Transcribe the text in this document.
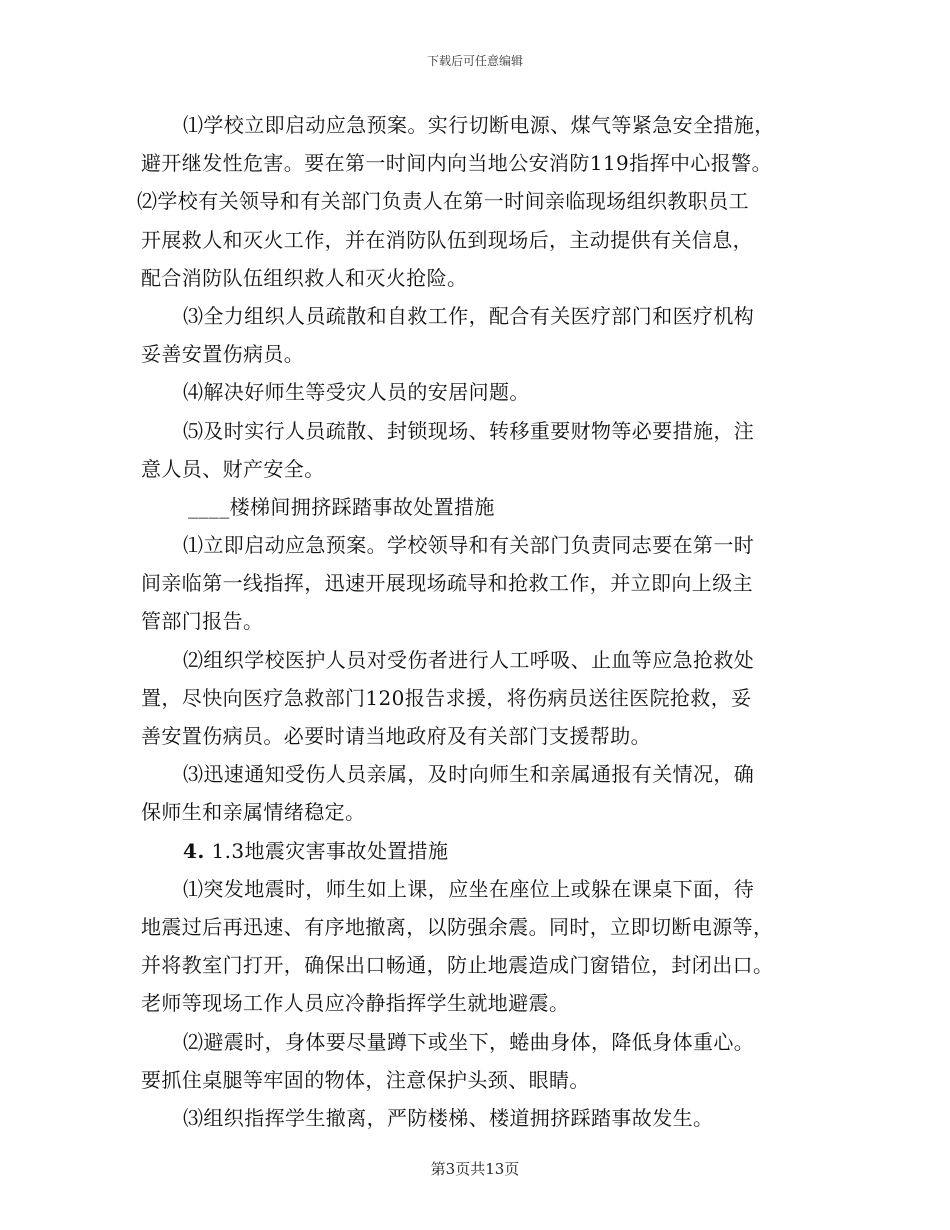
下载后可任意编辑
⑴学校立即启动应急预案。实行切断电源、煤气等紧急安全措施，
避开继发性危害。要在第一时间内向当地公安消防119指挥中心报警。
⑵学校有关领导和有关部门负责人在第一时间亲临现场组织教职员工
开展救人和灭火工作，并在消防队伍到现场后，主动提供有关信息，
配合消防队伍组织救人和灭火抢险。
⑶全力组织人员疏散和自救工作，配合有关医疗部门和医疗机构
妥善安置伤病员。
⑷解决好师生等受灾人员的安居问题。
⑸及时实行人员疏散、封锁现场、转移重要财物等必要措施，注
意人员、财产安全。
____楼梯间拥挤踩踏事故处置措施
⑴立即启动应急预案。学校领导和有关部门负责同志要在第一时
间亲临第一线指挥，迅速开展现场疏导和抢救工作，并立即向上级主
管部门报告。
⑵组织学校医护人员对受伤者进行人工呼吸、止血等应急抢救处
置，尽快向医疗急救部门120报告求援，将伤病员送往医院抢救，妥
善安置伤病员。必要时请当地政府及有关部门支援帮助。
⑶迅速通知受伤人员亲属，及时向师生和亲属通报有关情况，确
保师生和亲属情绪稳定。
4. 1.3地震灾害事故处置措施
⑴突发地震时，师生如上课，应坐在座位上或躲在课桌下面，待
地震过后再迅速、有序地撤离，以防强余震。同时，立即切断电源等，
并将教室门打开，确保出口畅通，防止地震造成门窗错位，封闭出口。
老师等现场工作人员应冷静指挥学生就地避震。
⑵避震时，身体要尽量蹲下或坐下，蜷曲身体，降低身体重心。
要抓住桌腿等牢固的物体，注意保护头颈、眼睛。
⑶组织指挥学生撤离，严防楼梯、楼道拥挤踩踏事故发生。
第3页共13页
